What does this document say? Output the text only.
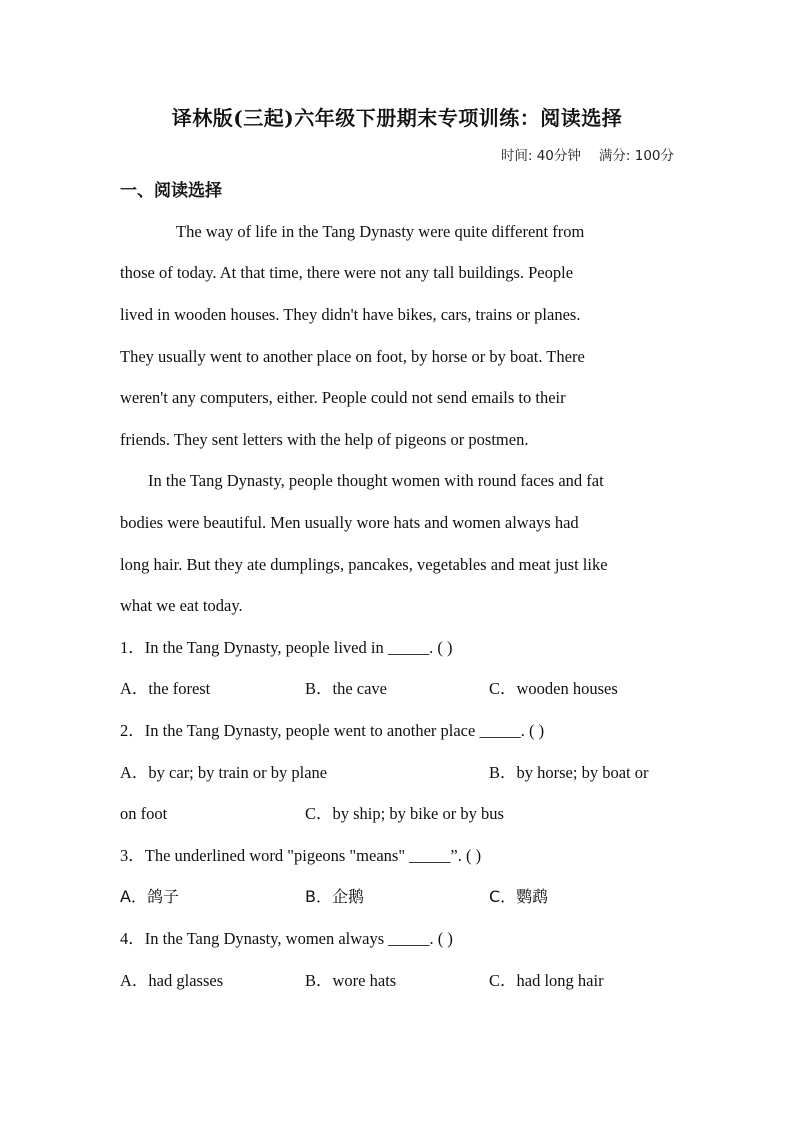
译林版(三起)六年级下册期末专项训练：阅读选择
时间: 40分钟 满分: 100分
一、阅读选择
The way of life in the Tang Dynasty were quite different from
those of today. At that time, there were not any tall buildings. People
lived in wooden houses. They didn't have bikes, cars, trains or planes.
They usually went to another place on foot, by horse or by boat. There
weren't any computers, either. People could not send emails to their
friends. They sent letters with the help of pigeons or postmen.
In the Tang Dynasty, people thought women with round faces and fat
bodies were beautiful. Men usually wore hats and women always had
long hair. But they ate dumplings, pancakes, vegetables and meat just like
what we eat today.
1．In the Tang Dynasty, people lived in _____. ( )
A．the forest	B．the cave	C．wooden houses
2．In the Tang Dynasty, people went to another place _____. ( )
A．by car; by train or by plane	B．by horse; by boat or
on foot	C．by ship; by bike or by bus
3．The underlined word "pigeons "means" _____”. ( )
A．鸽子	B．企鹅	C．鹦鹉
4．In the Tang Dynasty, women always _____. ( )
A．had glasses	B．wore hats	C．had long hair
